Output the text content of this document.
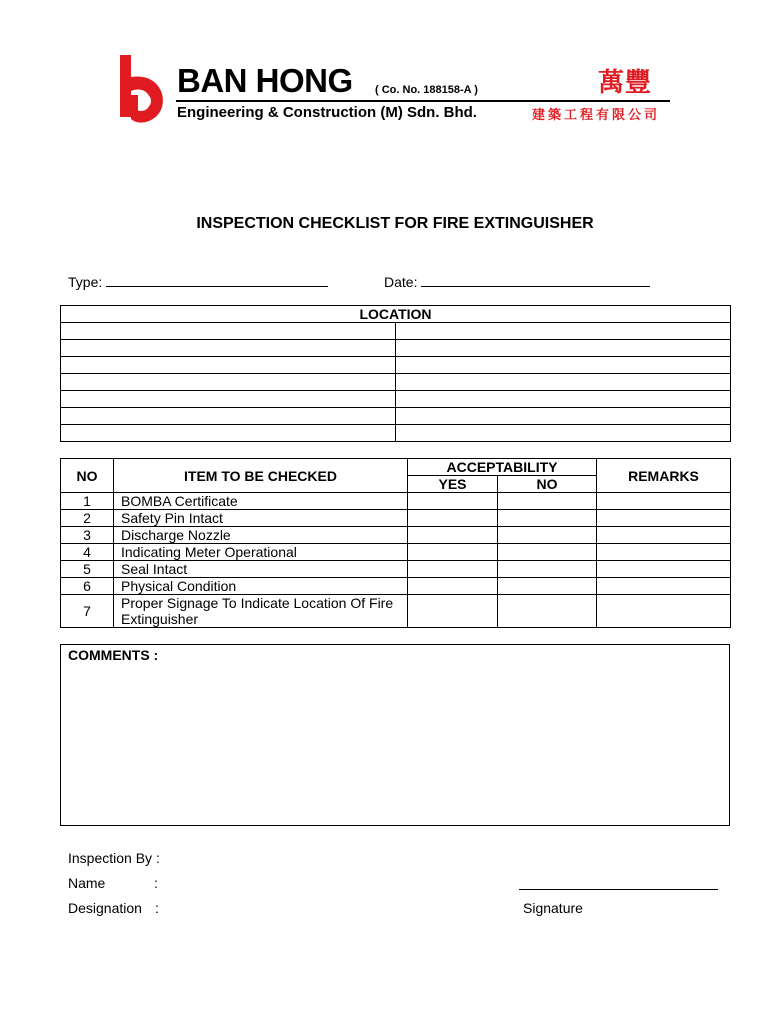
BAN HONG ( Co. No. 188158-A )
Engineering & Construction (M) Sdn. Bhd.
萬豐
建築工程有限公司
INSPECTION CHECKLIST FOR FIRE EXTINGUISHER
Type:	Date:
LOCATION	

NO	ITEM TO BE CHECKED	ACCEPTABILITY		REMARKS
		YES	NO	
1	BOMBA Certificate			
2	Safety Pin Intact			
3	Discharge Nozzle			
4	Indicating Meter Operational			
5	Seal Intact			
6	Physical Condition			
7	Proper Signage To Indicate Location Of Fire Extinguisher			
COMMENTS :
Inspection By :
Name	:
Designation :	Signature
